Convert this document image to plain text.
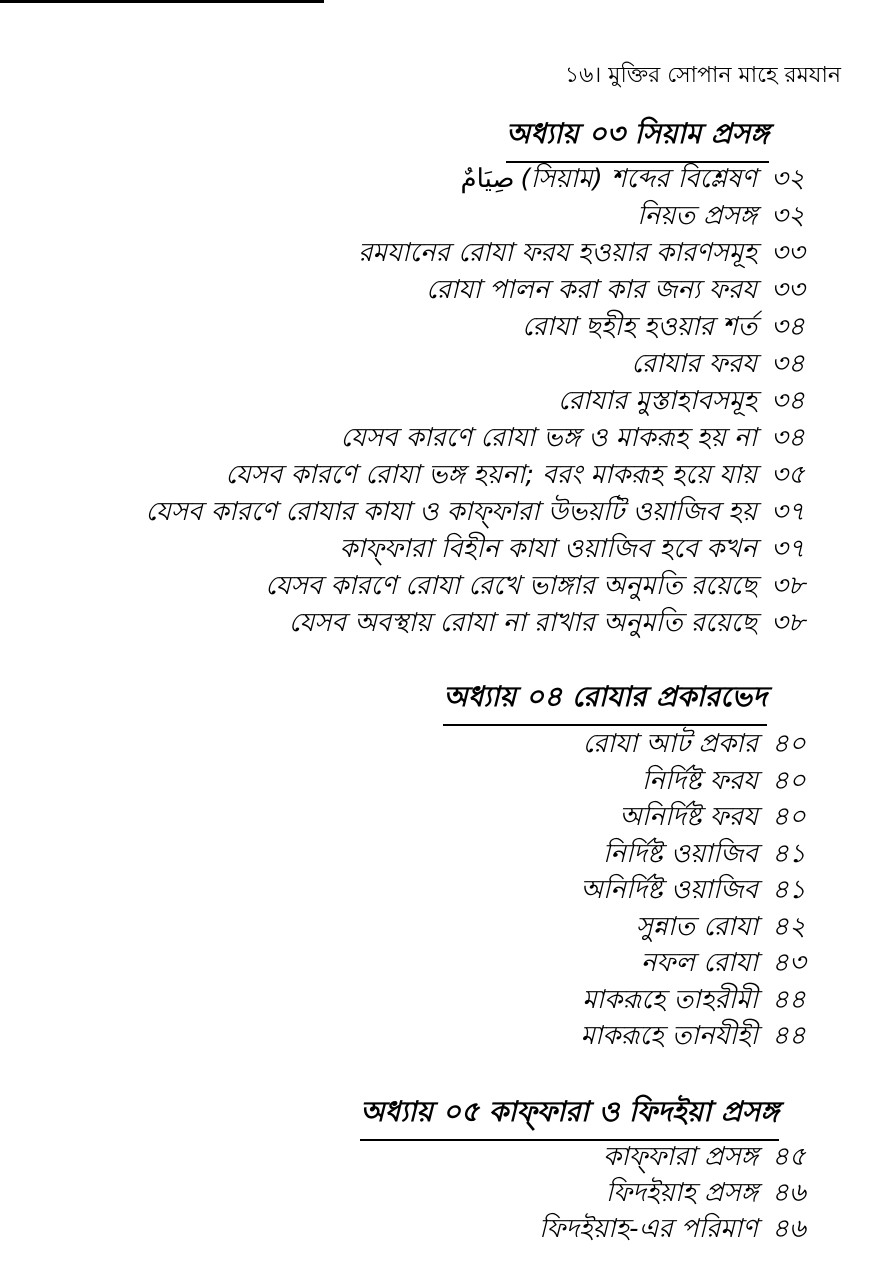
১৬। মুক্তির সোপান মাহে রমযান
অধ্যায় ০৩ সিয়াম প্রসঙ্গ
صِيَامٌ (সিয়াম) শব্দের বিশ্লেষণ ৩২
নিয়ত প্রসঙ্গ ৩২
রমযানের রোযা ফরয হওয়ার কারণসমূহ ৩৩
রোযা পালন করা কার জন্য ফরয ৩৩
রোযা ছহীহ হওয়ার শর্ত ৩৪
রোযার ফরয ৩৪
রোযার মুস্তাহাবসমূহ ৩৪
যেসব কারণে রোযা ভঙ্গ ও মাকরূহ হয় না ৩৪
যেসব কারণে রোযা ভঙ্গ হয়না; বরং মাকরূহ হয়ে যায় ৩৫
যেসব কারণে রোযার কাযা ও কাফ্ফারা উভয়টি ওয়াজিব হয় ৩৭
কাফ্ফারা বিহীন কাযা ওয়াজিব হবে কখন ৩৭
যেসব কারণে রোযা রেখে ভাঙ্গার অনুমতি রয়েছে ৩৮
যেসব অবস্থায় রোযা না রাখার অনুমতি রয়েছে ৩৮
অধ্যায় ০৪ রোযার প্রকারভেদ
রোযা আট প্রকার ৪০
নির্দিষ্ট ফরয ৪০
অনির্দিষ্ট ফরয ৪০
নির্দিষ্ট ওয়াজিব ৪১
অনির্দিষ্ট ওয়াজিব ৪১
সুন্নাত রোযা ৪২
নফল রোযা ৪৩
মাকরূহে তাহরীমী ৪৪
মাকরূহে তানযীহী ৪৪
অধ্যায় ০৫ কাফ্ফারা ও ফিদইয়া প্রসঙ্গ
কাফ্ফারা প্রসঙ্গ ৪৫
ফিদইয়াহ প্রসঙ্গ ৪৬
ফিদইয়াহ-এর পরিমাণ ৪৬
